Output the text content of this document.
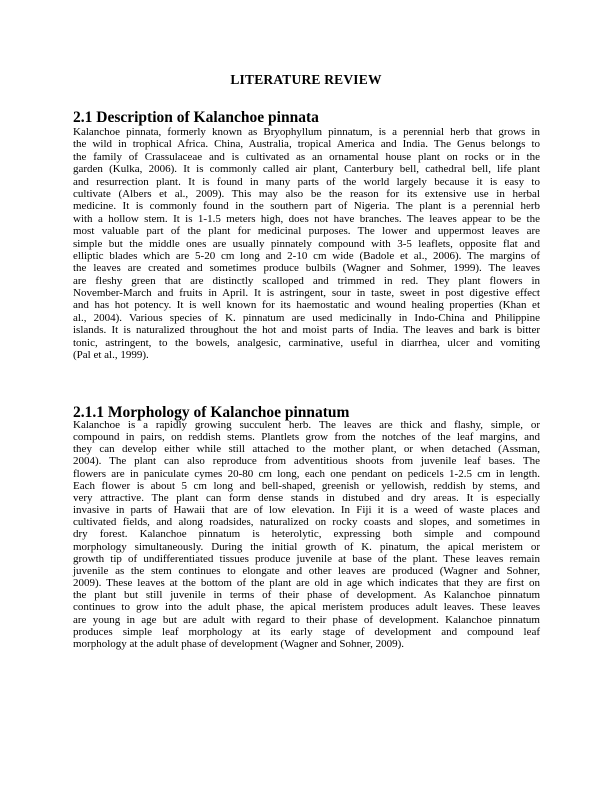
LITERATURE REVIEW
2.1 Description of Kalanchoe pinnata
Kalanchoe pinnata, formerly known as Bryophyllum pinnatum, is a perennial herb that grows in
the wild in trophical Africa. China, Australia, tropical America and India. The Genus belongs to
the family of Crassulaceae and is cultivated as an ornamental house plant on rocks or in the
garden (Kulka, 2006). It is commonly called air plant, Canterbury bell, cathedral bell, life plant
and resurrection plant. It is found in many parts of the world largely because it is easy to
cultivate (Albers et al., 2009). This may also be the reason for its extensive use in herbal
medicine. It is commonly found in the southern part of Nigeria. The plant is a perennial herb
with a hollow stem. It is 1-1.5 meters high, does not have branches. The leaves appear to be the
most valuable part of the plant for medicinal purposes. The lower and uppermost leaves are
simple but the middle ones are usually pinnately compound with 3-5 leaflets, opposite flat and
elliptic blades which are 5-20 cm long and 2-10 cm wide (Badole et al., 2006). The margins of
the leaves are created and sometimes produce bulbils (Wagner and Sohmer, 1999). The leaves
are fleshy green that are distinctly scalloped and trimmed in red. They plant flowers in
November-March and fruits in April. It is astringent, sour in taste, sweet in post digestive effect
and has hot potency. It is well known for its haemostatic and wound healing properties (Khan et
al., 2004). Various species of K. pinnatum are used medicinally in Indo-China and Philippine
islands. It is naturalized throughout the hot and moist parts of India. The leaves and bark is bitter
tonic, astringent, to the bowels, analgesic, carminative, useful in diarrhea, ulcer and vomiting
(Pal et al., 1999).
2.1.1 Morphology of Kalanchoe pinnatum
Kalanchoe is a rapidly growing succulent herb. The leaves are thick and flashy, simple, or
compound in pairs, on reddish stems. Plantlets grow from the notches of the leaf margins, and
they can develop either while still attached to the mother plant, or when detached (Assman,
2004). The plant can also reproduce from adventitious shoots from juvenile leaf bases. The
flowers are in paniculate cymes 20-80 cm long, each one pendant on pedicels 1-2.5 cm in length.
Each flower is about 5 cm long and bell-shaped, greenish or yellowish, reddish by stems, and
very attractive. The plant can form dense stands in distubed and dry areas. It is especially
invasive in parts of Hawaii that are of low elevation. In Fiji it is a weed of waste places and
cultivated fields, and along roadsides, naturalized on rocky coasts and slopes, and sometimes in
dry forest. Kalanchoe pinnatum is heterolytic, expressing both simple and compound
morphology simultaneously. During the initial growth of K. pinatum, the apical meristem or
growth tip of undifferentiated tissues produce juvenile at base of the plant. These leaves remain
juvenile as the stem continues to elongate and other leaves are produced (Wagner and Sohner,
2009). These leaves at the bottom of the plant are old in age which indicates that they are first on
the plant but still juvenile in terms of their phase of development. As Kalanchoe pinnatum
continues to grow into the adult phase, the apical meristem produces adult leaves. These leaves
are young in age but are adult with regard to their phase of development. Kalanchoe pinnatum
produces simple leaf morphology at its early stage of development and compound leaf
morphology at the adult phase of development (Wagner and Sohner, 2009).
